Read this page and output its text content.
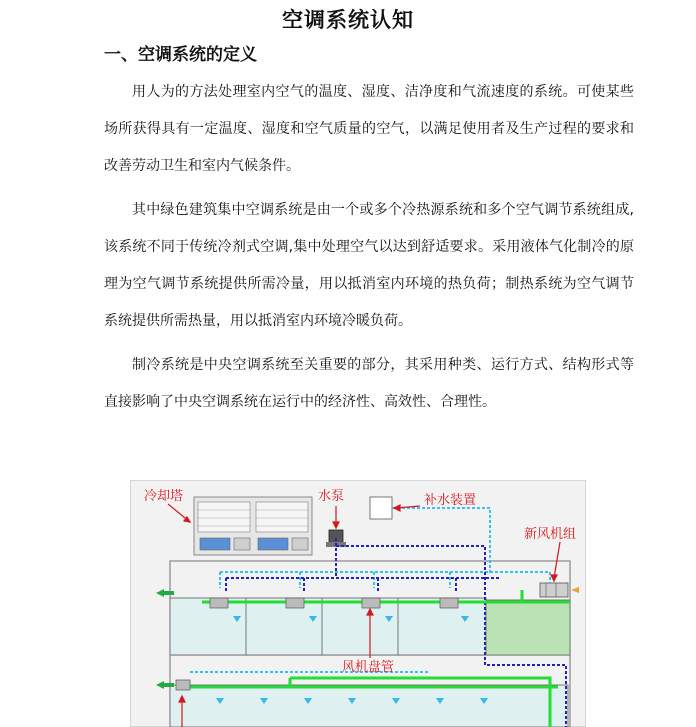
空调系统认知
一、空调系统的定义

用人为的方法处理室内空气的温度、湿度、洁净度和气流速度的系统。可使某些场所获得具有一定温度、湿度和空气质量的空气，以满足使用者及生产过程的要求和改善劳动卫生和室内气候条件。

其中绿色建筑集中空调系统是由一个或多个冷热源系统和多个空气调节系统组成, 该系统不同于传统冷剂式空调,集中处理空气以达到舒适要求。采用液体气化制冷的原理为空气调节系统提供所需冷量，用以抵消室内环境的热负荷；制热系统为空气调节系统提供所需热量，用以抵消室内环境冷暖负荷。

制冷系统是中央空调系统至关重要的部分，其采用种类、运行方式、结构形式等直接影响了中央空调系统在运行中的经济性、高效性、合理性。

冷却塔	水泵	补水装置
新风机组
风机盘管
